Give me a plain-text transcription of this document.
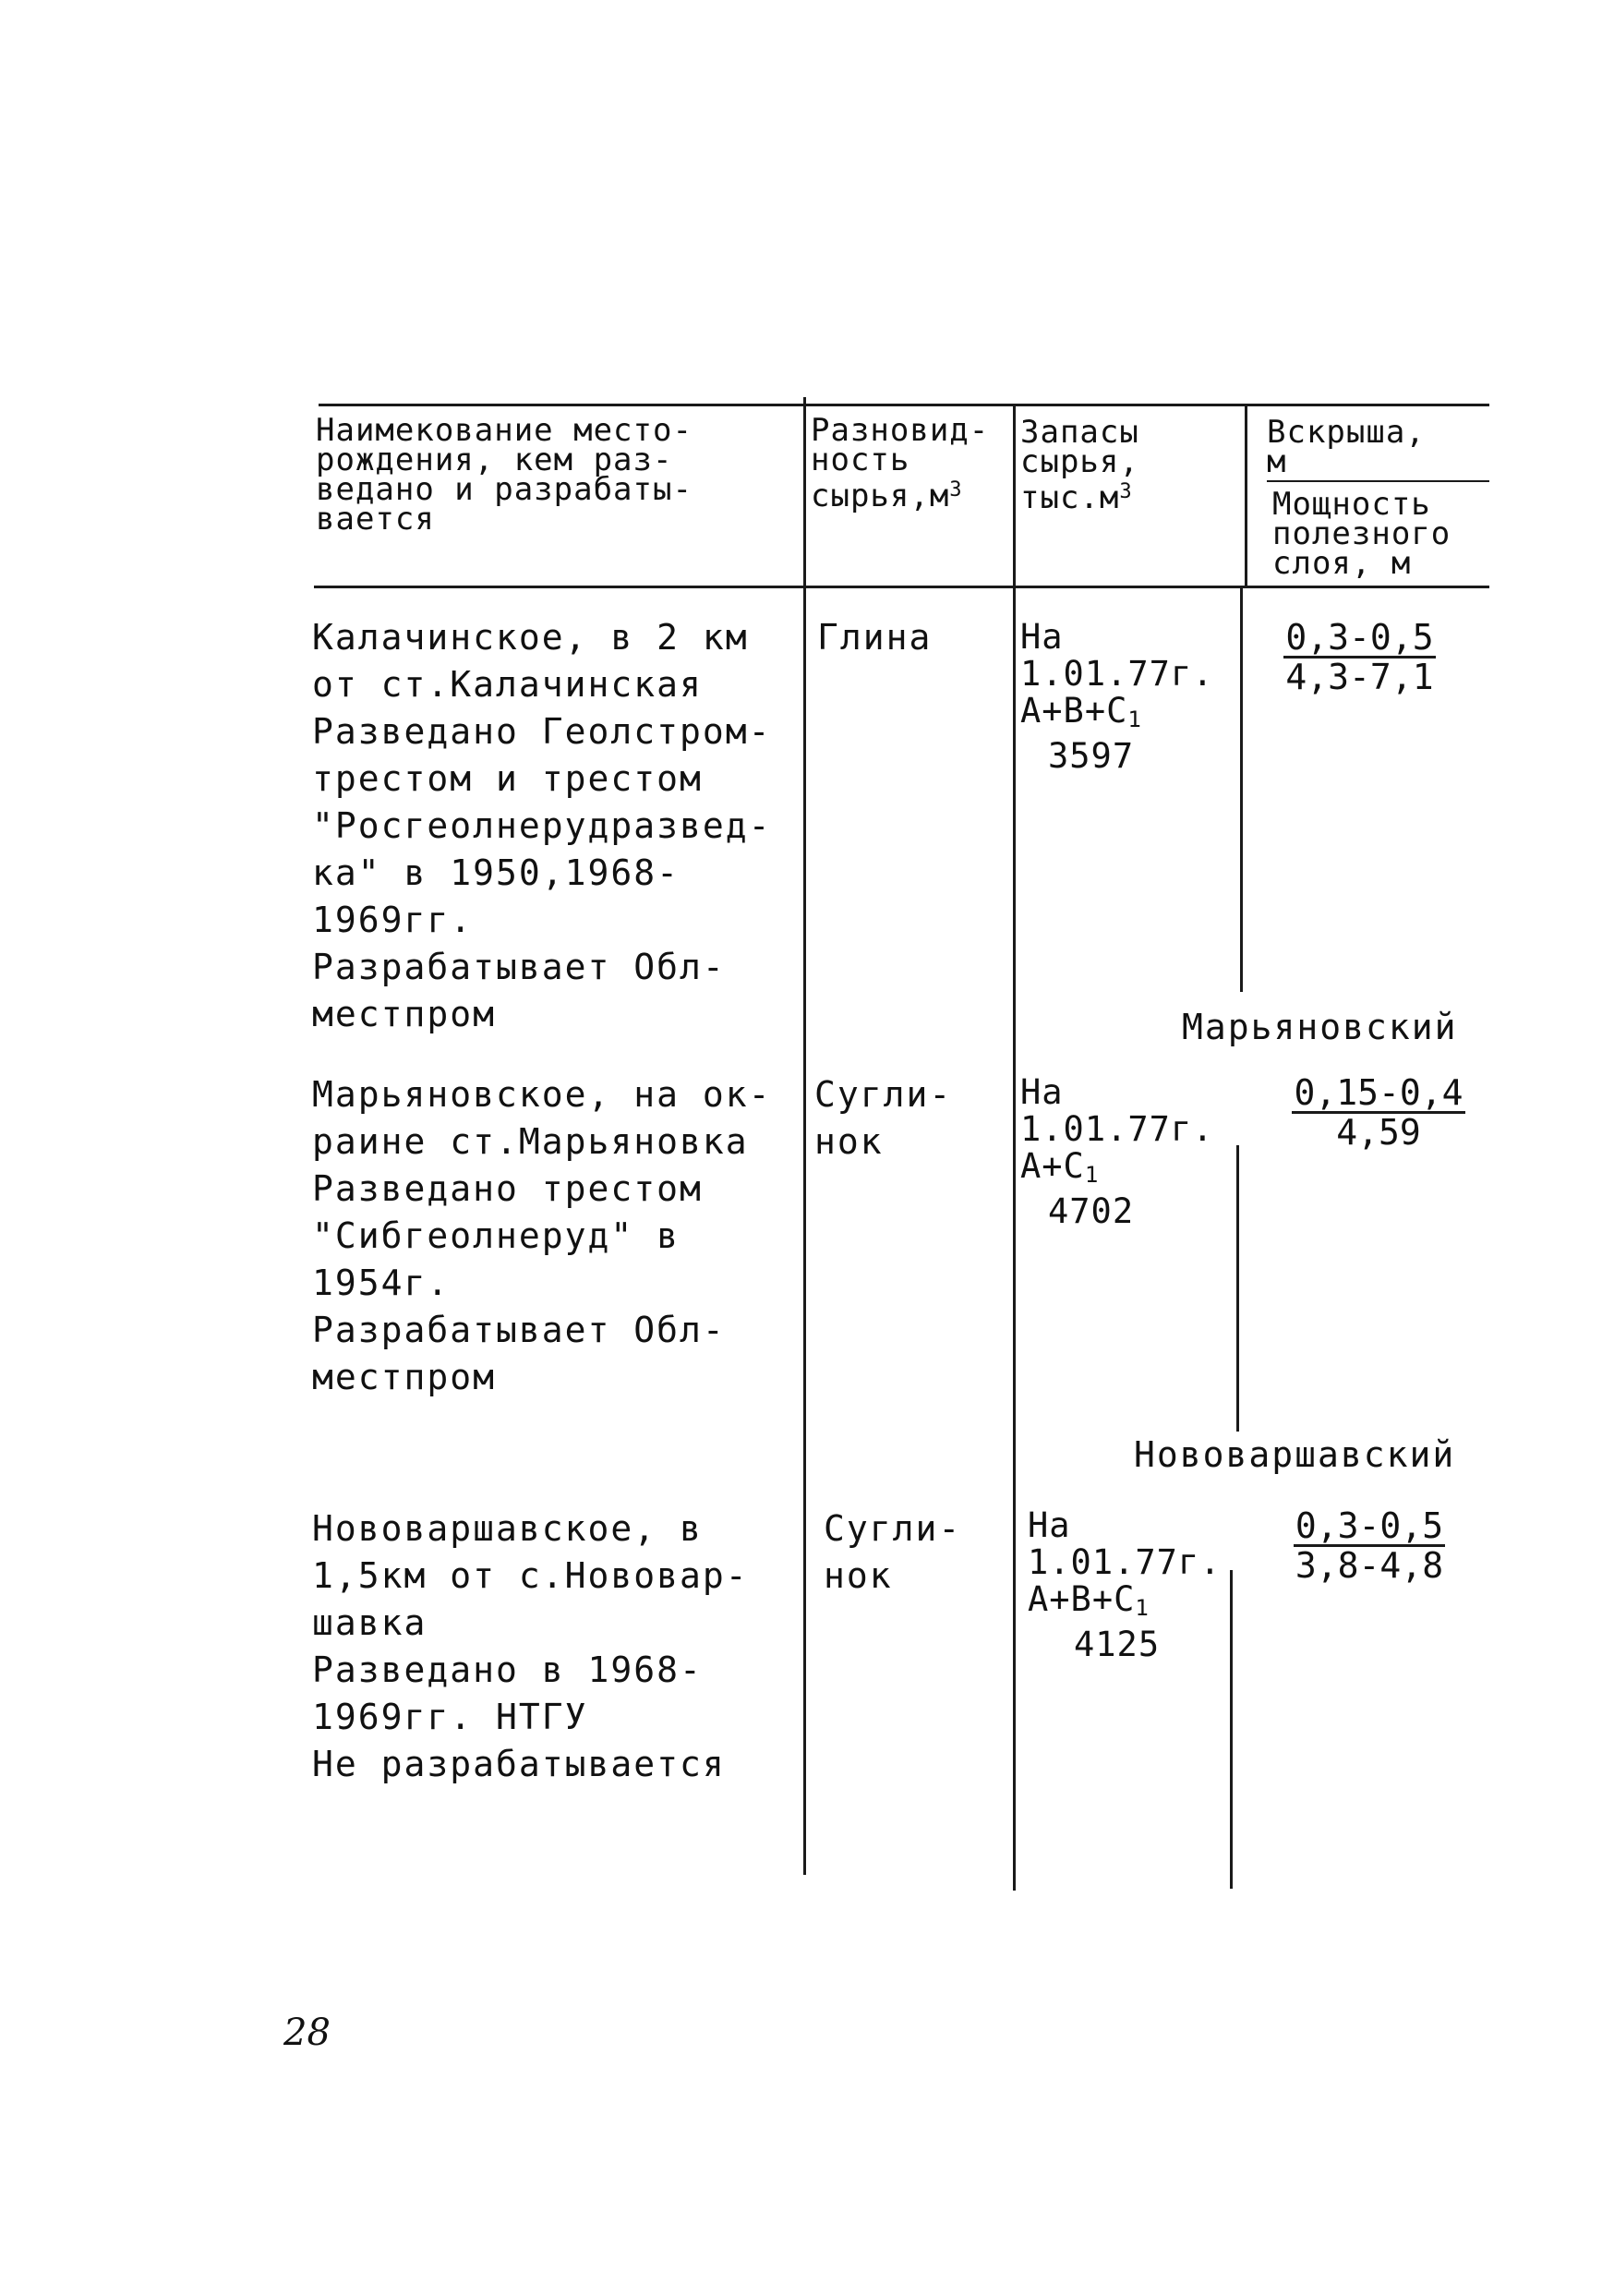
Наимекование место-
рождения, кем раз-
ведано и разрабаты-
вается
Разновид-
ность
$сырья,м^3$
Запасы
сырья,
$тыс.м^3$
Вскрыша,
м
Мощность
полезного
слоя, м
Калачинское, в 2 км
от ст.Калачинская
Разведано Геолстром-
трестом и трестом
"Росгеолнерудразвед-
ка" в 1950,1968-1969гг.
Разрабатывает Обл-
местпром
Глина	На 1.01.77г.
$A+B+C_1$
3597
0,3-0,5
4,3-7,1
Марьяновский
Марьяновское, на ок-
раине ст.Марьяновка
Разведано трестом
"Сибгеолнеруд" в
1954г.
Разрабатывает Обл-
местпром
Сугли-
нок
На 1.01.77г.
$A+C_1$
4702
0,15-0,4
4,59
Нововаршавский
Нововаршавское, в
1,5км от с.Нововар-
шавка
Разведано в 1968-
1969гг. НТГУ
Не разрабатывается
Сугли-
нок
На 1.01.77г.
$A+B+C_1$
4125
0,3-0,5
3,8-4,8
28
